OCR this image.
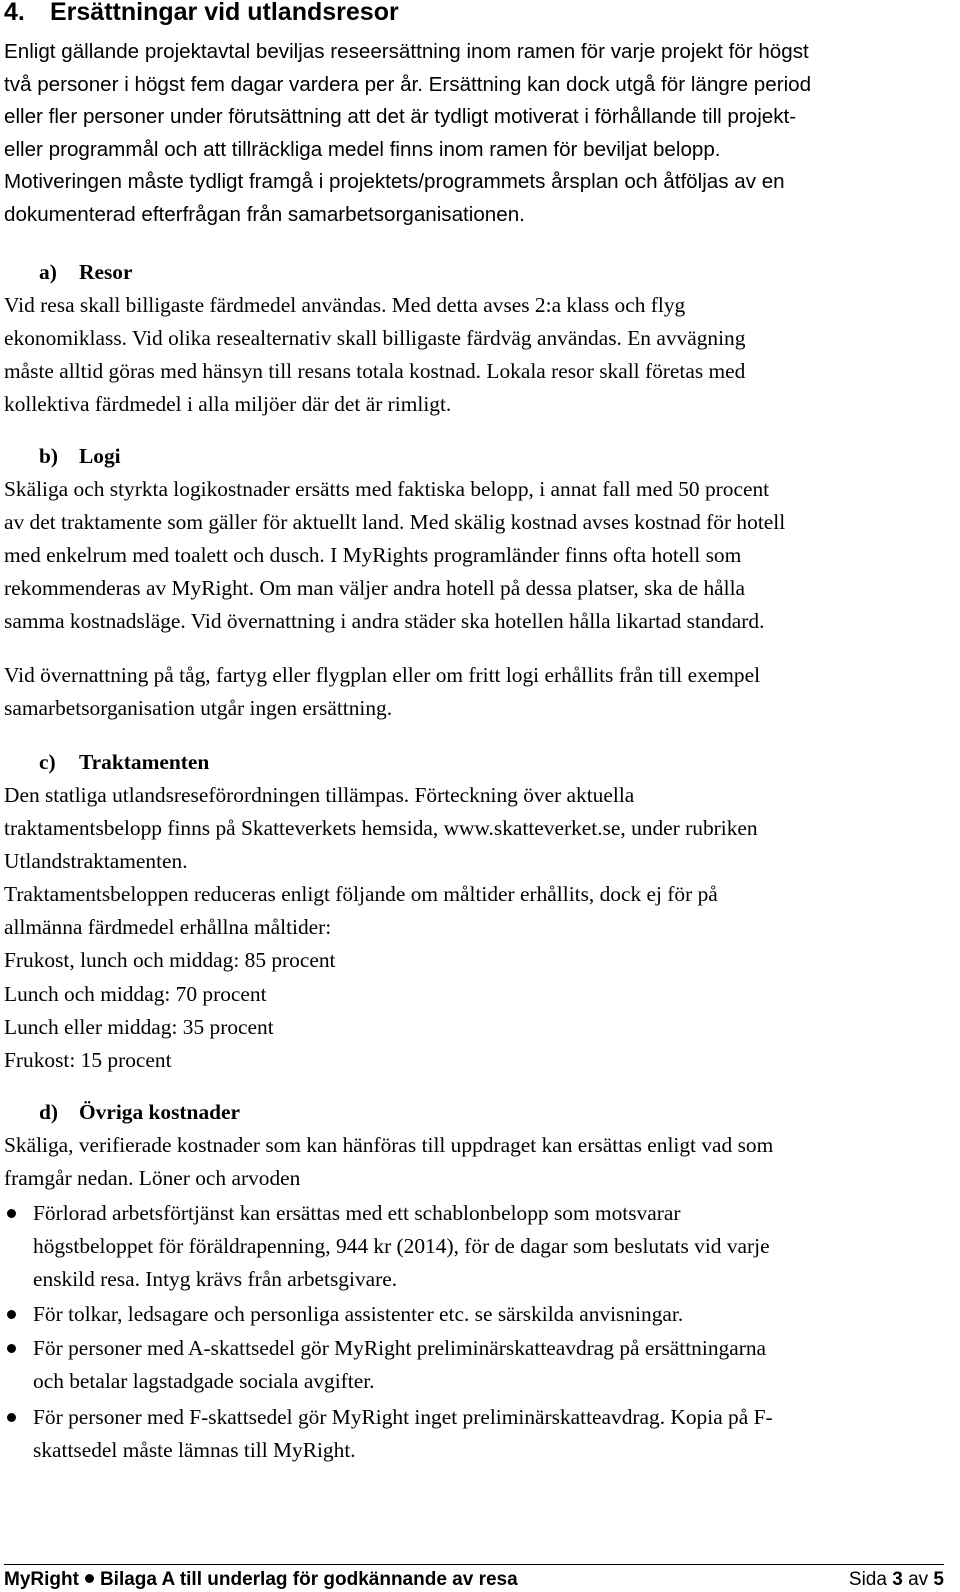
4. Ersättningar vid utlandsresor

Enligt gällande projektavtal beviljas reseersättning inom ramen för varje projekt för högst
två personer i högst fem dagar vardera per år. Ersättning kan dock utgå för längre period
eller fler personer under förutsättning att det är tydligt motiverat i förhållande till projekt-
eller programmål och att tillräckliga medel finns inom ramen för beviljat belopp.
Motiveringen måste tydligt framgå i projektets/programmets årsplan och åtföljas av en
dokumenterad efterfrågan från samarbetsorganisationen.

a) Resor

Vid resa skall billigaste färdmedel användas. Med detta avses 2:a klass och flyg
ekonomiklass. Vid olika resealternativ skall billigaste färdväg användas. En avvägning
måste alltid göras med hänsyn till resans totala kostnad. Lokala resor skall företas med
kollektiva färdmedel i alla miljöer där det är rimligt.

b) Logi

Skäliga och styrkta logikostnader ersätts med faktiska belopp, i annat fall med 50 procent
av det traktamente som gäller för aktuellt land. Med skälig kostnad avses kostnad för hotell
med enkelrum med toalett och dusch. I MyRights programländer finns ofta hotell som
rekommenderas av MyRight. Om man väljer andra hotell på dessa platser, ska de hålla
samma kostnadsläge. Vid övernattning i andra städer ska hotellen hålla likartad standard.

Vid övernattning på tåg, fartyg eller flygplan eller om fritt logi erhållits från till exempel
samarbetsorganisation utgår ingen ersättning.

c) Traktamenten

Den statliga utlandsreseförordningen tillämpas. Förteckning över aktuella
traktamentsbelopp finns på Skatteverkets hemsida, www.skatteverket.se, under rubriken
Utlandstraktamenten.
Traktamentsbeloppen reduceras enligt följande om måltider erhållits, dock ej för på
allmänna färdmedel erhållna måltider:
Frukost, lunch och middag: 85 procent
Lunch och middag: 70 procent
Lunch eller middag: 35 procent
Frukost: 15 procent

d) Övriga kostnader

Skäliga, verifierade kostnader som kan hänföras till uppdraget kan ersättas enligt vad som
framgår nedan. Löner och arvoden

Förlorad arbetsförtjänst kan ersättas med ett schablonbelopp som motsvarar
högstbeloppet för föräldrapenning, 944 kr (2014), för de dagar som beslutats vid varje
enskild resa. Intyg krävs från arbetsgivare.
För tolkar, ledsagare och personliga assistenter etc. se särskilda anvisningar.
För personer med A-skattsedel gör MyRight preliminärskatteavdrag på ersättningarna
och betalar lagstadgade sociala avgifter.
För personer med F-skattsedel gör MyRight inget preliminärskatteavdrag. Kopia på F-
skattsedel måste lämnas till MyRight.
MyRight Bilaga A till underlag för godkännande av resa	Sida 3 av 5
